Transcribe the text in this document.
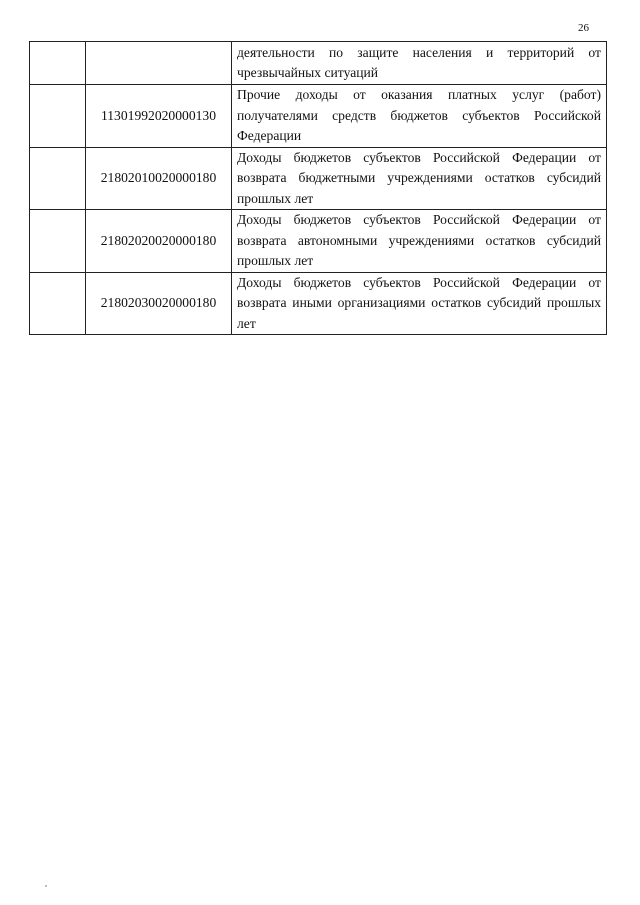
26
		деятельности по защите населения и территорий от чрезвычайных ситуаций
	11301992020000130	Прочие доходы от оказания платных услуг (работ) получателями средств бюджетов субъектов Российской Федерации
	21802010020000180	Доходы бюджетов субъектов Российской Федерации от возврата бюджетными учреждениями остатков субсидий прошлых лет
	21802020020000180	Доходы бюджетов субъектов Российской Федерации от возврата автономными учреждениями остатков субсидий прошлых лет
	21802030020000180	Доходы бюджетов субъектов Российской Федерации от возврата иными организациями остатков субсидий прошлых лет
